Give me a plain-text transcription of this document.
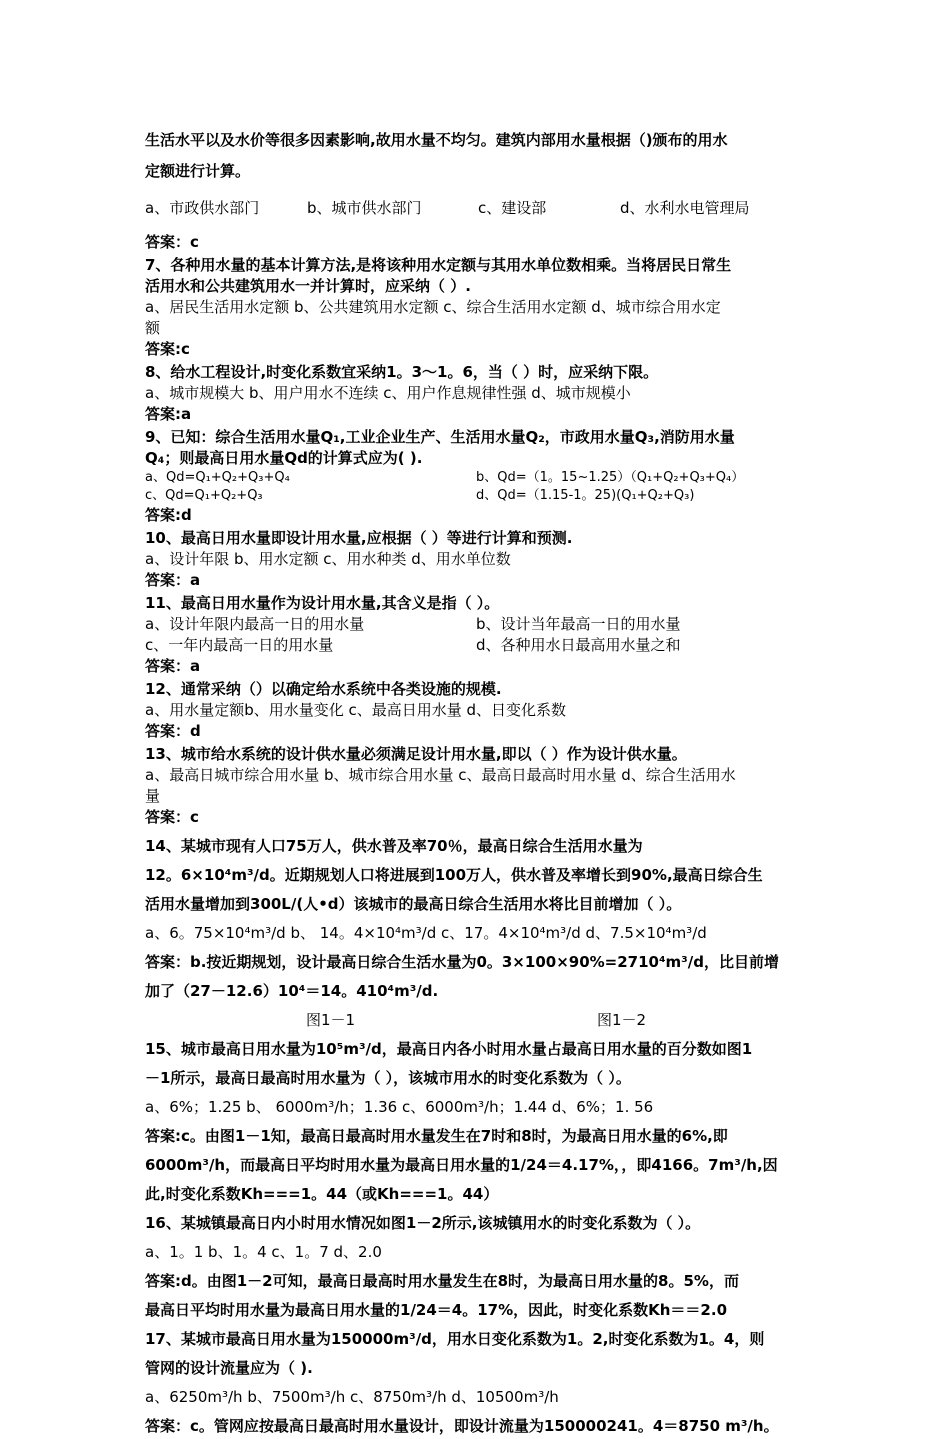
生活水平以及水价等很多因素影响,故用水量不均匀。建筑内部用水量根据（)颁布的用水
定额进行计算。
a、市政供水部门	b、城市供水部门	c、建设部	d、水利水电管理局
答案：c
7、各种用水量的基本计算方法,是将该种用水定额与其用水单位数相乘。当将居民日常生
活用水和公共建筑用水一并计算时，应采纳（ ）.
a、居民生活用水定额 b、公共建筑用水定额 c、综合生活用水定额 d、城市综合用水定
额
答案:c
8、给水工程设计,时变化系数宜采纳1。3～1。6，当（ ）时，应采纳下限。
a、城市规模大 b、用户用水不连续 c、用户作息规律性强 d、城市规模小
答案:a
9、已知：综合生活用水量Q₁,工业企业生产、生活用水量Q₂，市政用水量Q₃,消防用水量
Q₄；则最高日用水量Qd的计算式应为( ).
a、Qd=Q₁+Q₂+Q₃+Q₄	b、Qd=（1。15~1.25）（Q₁+Q₂+Q₃+Q₄）
c、Qd=Q₁+Q₂+Q₃	d、Qd=（1.15-1。25)(Q₁+Q₂+Q₃)
答案:d
10、最高日用水量即设计用水量,应根据（ ）等进行计算和预测.
a、设计年限 b、用水定额 c、用水种类 d、用水单位数
答案：a
11、最高日用水量作为设计用水量,其含义是指（ ）。
a、设计年限内最高一日的用水量	b、设计当年最高一日的用水量
c、一年内最高一日的用水量	d、各种用水日最高用水量之和
答案：a
12、通常采纳（）以确定给水系统中各类设施的规模.
a、用水量定额b、用水量变化 c、最高日用水量 d、日变化系数
答案：d
13、城市给水系统的设计供水量必须满足设计用水量,即以（ ）作为设计供水量。
a、最高日城市综合用水量 b、城市综合用水量 c、最高日最高时用水量 d、综合生活用水
量
答案：c
14、某城市现有人口75万人，供水普及率70％，最高日综合生活用水量为
12。6×10⁴m³/d。近期规划人口将进展到100万人，供水普及率增长到90%,最高日综合生
活用水量增加到300L/(人•d）该城市的最高日综合生活用水将比目前增加（ ）。
a、6。75×10⁴m³/d b、 14。4×10⁴m³/d c、17。4×10⁴m³/d d、7.5×10⁴m³/d
答案：b.按近期规划，设计最高日综合生活水量为0。3×100×90%=2710⁴m³/d，比目前增
加了（27－12.6）10⁴＝14。410⁴m³/d.
图1－1	图1－2
15、城市最高日用水量为10⁵m³/d，最高日内各小时用水量占最高日用水量的百分数如图1
－1所示，最高日最高时用水量为（ ），该城市用水的时变化系数为（ ）。
a、6%；1.25 b、 6000m³/h；1.36 c、6000m³/h；1.44 d、6%；1. 56
答案:c。由图1－1知，最高日最高时用水量发生在7时和8时，为最高日用水量的6%,即
6000m³/h，而最高日平均时用水量为最高日用水量的1/24＝4.17%，，即4166。7m³/h,因
此,时变化系数Kh===1。44（或Kh===1。44）
16、某城镇最高日内小时用水情况如图1－2所示,该城镇用水的时变化系数为（ ）。
a、1。1 b、1。4 c、1。7 d、2.0
答案:d。由图1－2可知，最高日最高时用水量发生在8时，为最高日用水量的8。5%，而
最高日平均时用水量为最高日用水量的1/24＝4。17%，因此，时变化系数Kh＝＝2.0
17、某城市最高日用水量为150000m³/d，用水日变化系数为1。2,时变化系数为1。4，则
管网的设计流量应为（ ).
a、6250m³/h b、7500m³/h c、8750m³/h d、10500m³/h
答案：c。管网应按最高日最高时用水量设计，即设计流量为150000241。4＝8750 m³/h。
